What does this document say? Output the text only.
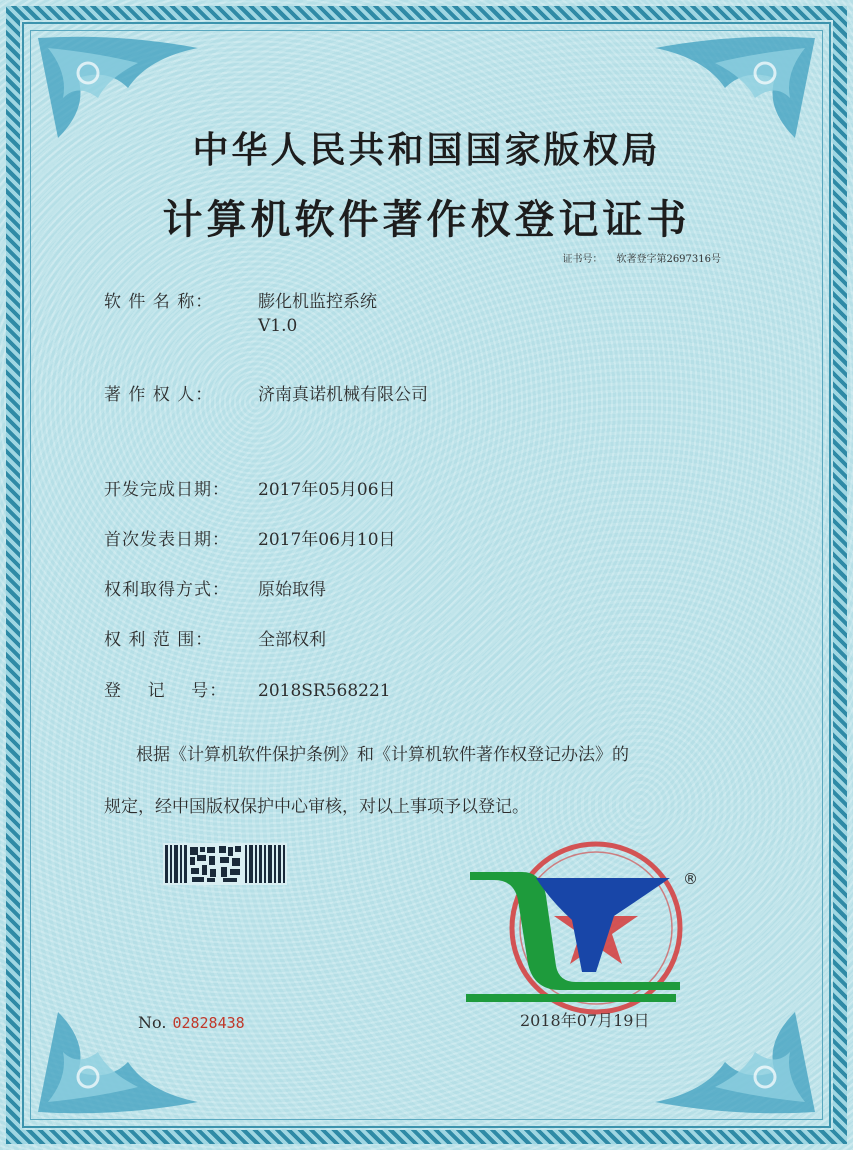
中华人民共和国国家版权局
计算机软件著作权登记证书
证书号： 软著登字第2697316号
软 件 名 称：	膨化机监控系统
V1.0
著 作 权 人：	济南真诺机械有限公司
开发完成日期： 2017年05月06日
首次发表日期： 2017年06月10日
权利取得方式： 原始取得
权 利 范 围：	全部权利
登    记    号： 2018SR568221
根据《计算机软件保护条例》和《计算机软件著作权登记办法》的
规定，经中国版权保护中心审核，对以上事项予以登记。
®
No. 02828438	2018年07月19日
